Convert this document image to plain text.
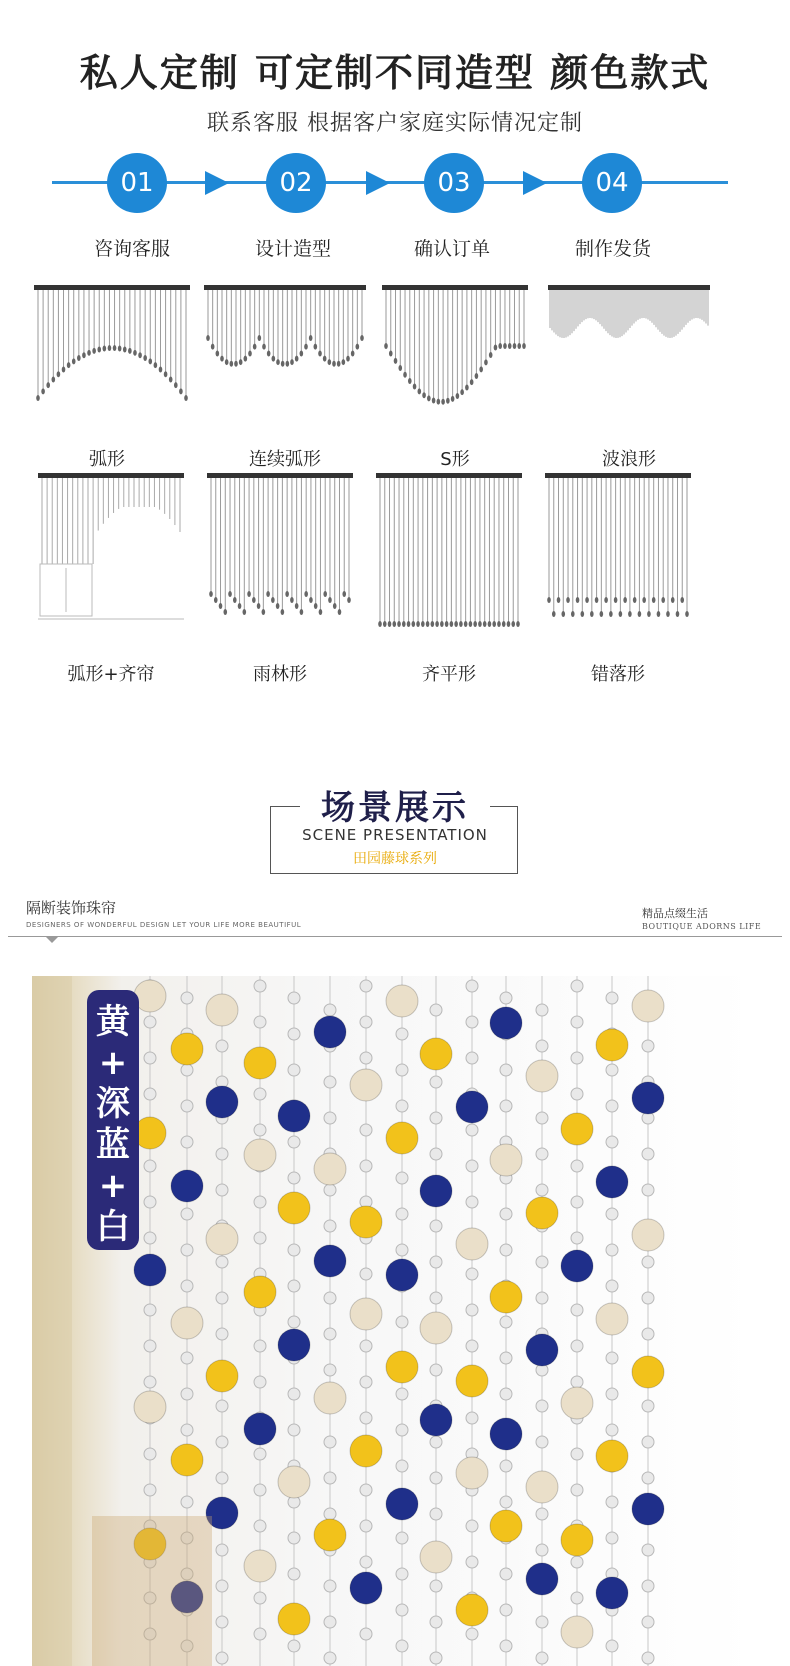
私人定制 可定制不同造型 颜色款式
联系客服 根据客户家庭实际情况定制
01	02	03	04
咨询客服	设计造型	确认订单	制作发货
弧形	连续弧形	S形	波浪形
弧形+齐帘	雨林形	齐平形	错落形
场景展示
SCENE PRESENTATION
田园藤球系列
隔断装饰珠帘
DESIGNERS OF WONDERFUL DESIGN LET YOUR LIFE MORE BEAUTIFUL
精品点缀生活
BOUTIQUE ADORNS LIFE
黄
+
深
蓝
+
白
